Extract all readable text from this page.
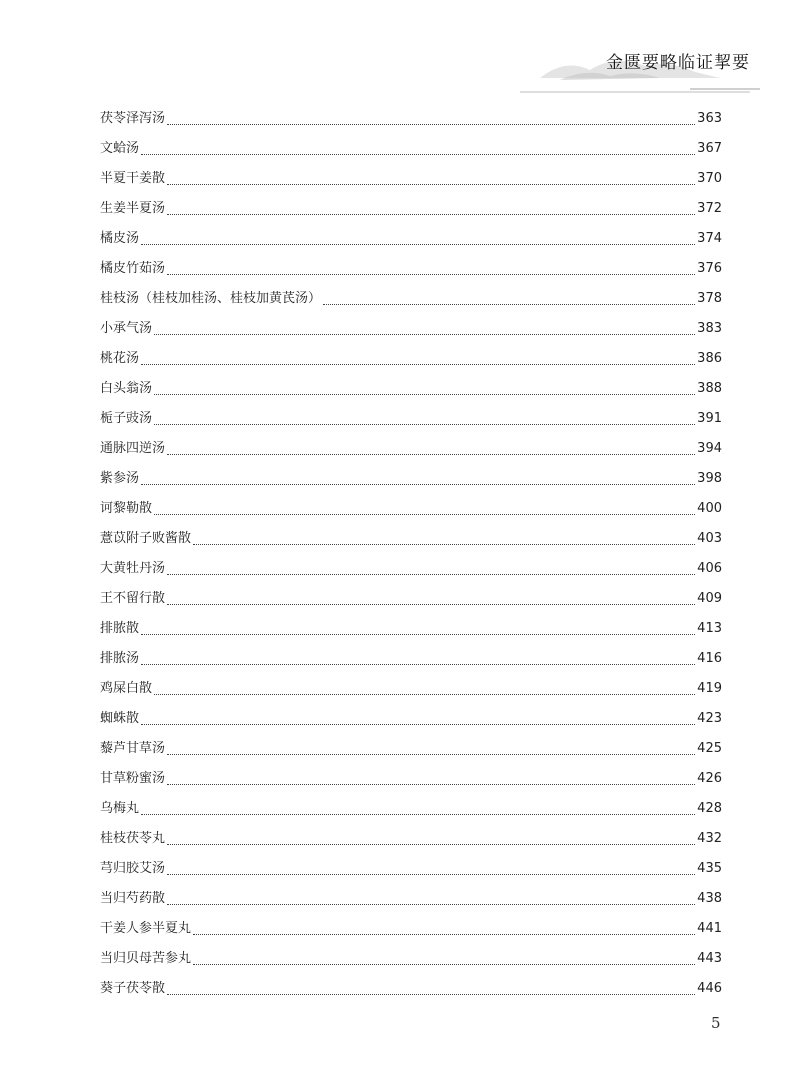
金匮要略临证挈要
茯苓泽泻汤	363
文蛤汤	367
半夏干姜散	370
生姜半夏汤	372
橘皮汤	374
橘皮竹茹汤	376
桂枝汤（桂枝加桂汤、桂枝加黄芪汤）	378
小承气汤	383
桃花汤	386
白头翁汤	388
栀子豉汤	391
通脉四逆汤	394
紫参汤	398
诃黎勒散	400
薏苡附子败酱散	403
大黄牡丹汤	406
王不留行散	409
排脓散	413
排脓汤	416
鸡屎白散	419
蜘蛛散	423
藜芦甘草汤	425
甘草粉蜜汤	426
乌梅丸	428
桂枝茯苓丸	432
芎归胶艾汤	435
当归芍药散	438
干姜人参半夏丸	441
当归贝母苦参丸	443
葵子茯苓散	446
5
